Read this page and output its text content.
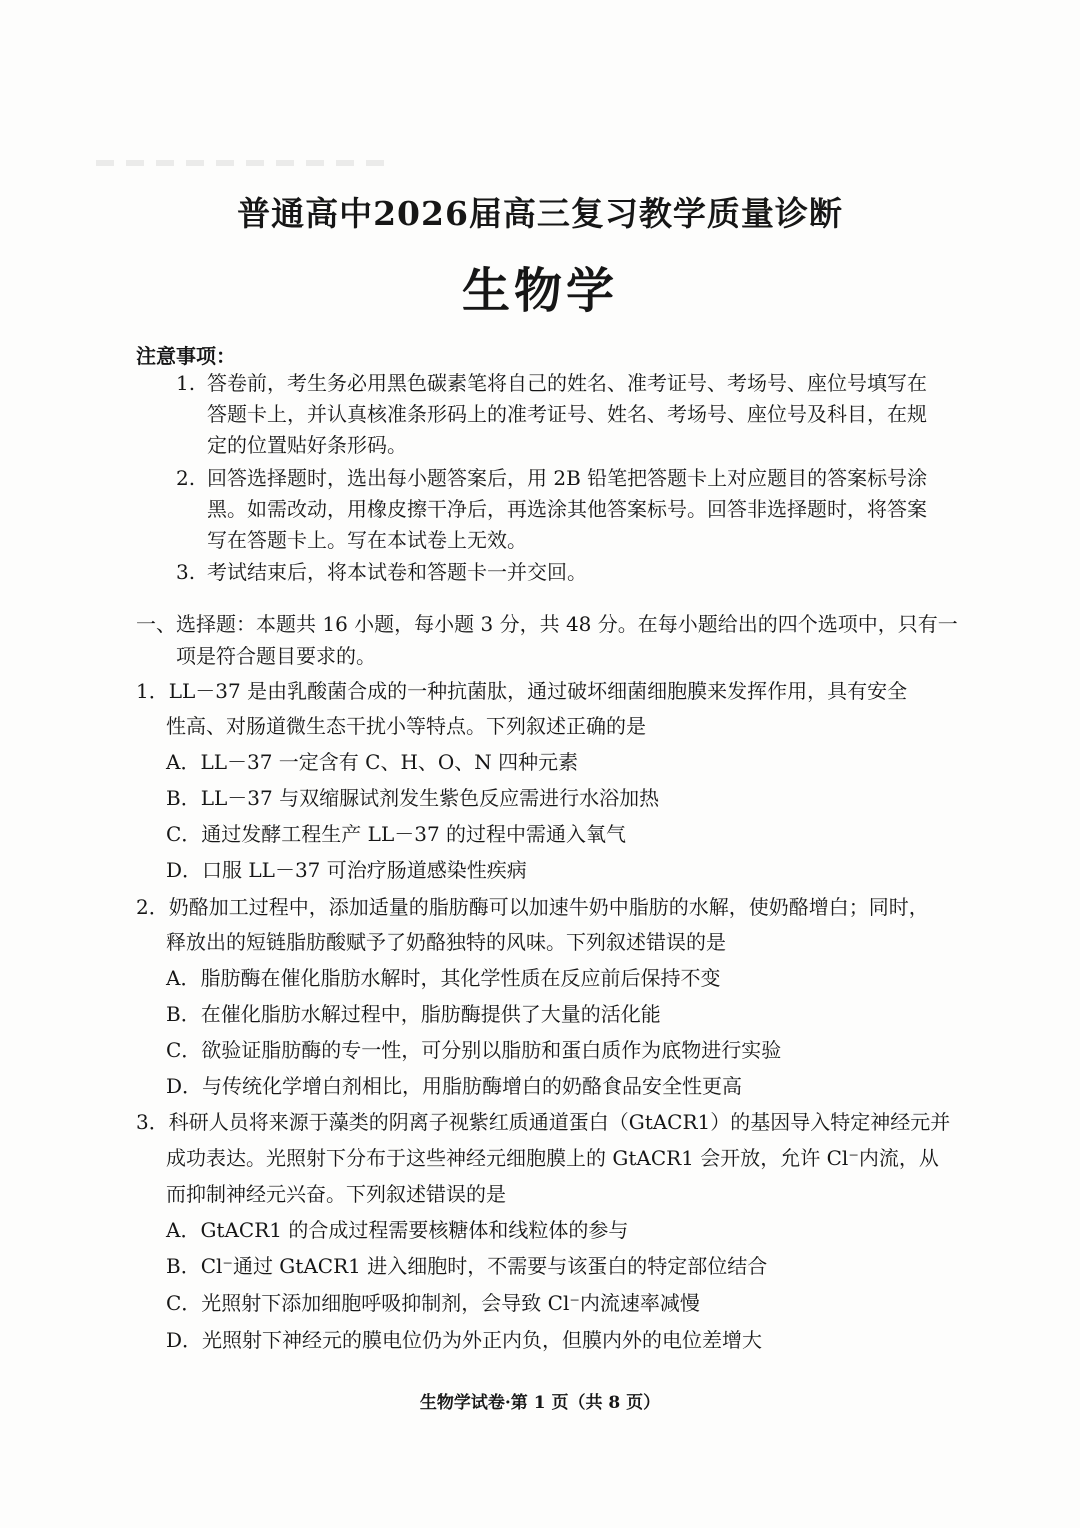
普通高中2026届高三复习教学质量诊断
生物学
注意事项：
1. 答卷前，考生务必用黑色碳素笔将自己的姓名、准考证号、考场号、座位号填写在
答题卡上，并认真核准条形码上的准考证号、姓名、考场号、座位号及科目，在规
定的位置贴好条形码。
2. 回答选择题时，选出每小题答案后，用 2B 铅笔把答题卡上对应题目的答案标号涂
黑。如需改动，用橡皮擦干净后，再选涂其他答案标号。回答非选择题时，将答案
写在答题卡上。写在本试卷上无效。
3. 考试结束后，将本试卷和答题卡一并交回。
一、选择题：本题共 16 小题，每小题 3 分，共 48 分。在每小题给出的四个选项中，只有一
项是符合题目要求的。
1．LL－37 是由乳酸菌合成的一种抗菌肽，通过破坏细菌细胞膜来发挥作用，具有安全
性高、对肠道微生态干扰小等特点。下列叙述正确的是
A．LL－37 一定含有 C、H、O、N 四种元素
B．LL－37 与双缩脲试剂发生紫色反应需进行水浴加热
C．通过发酵工程生产 LL－37 的过程中需通入氧气
D．口服 LL－37 可治疗肠道感染性疾病
2．奶酪加工过程中，添加适量的脂肪酶可以加速牛奶中脂肪的水解，使奶酪增白；同时，
释放出的短链脂肪酸赋予了奶酪独特的风味。下列叙述错误的是
A．脂肪酶在催化脂肪水解时，其化学性质在反应前后保持不变
B．在催化脂肪水解过程中，脂肪酶提供了大量的活化能
C．欲验证脂肪酶的专一性，可分别以脂肪和蛋白质作为底物进行实验
D．与传统化学增白剂相比，用脂肪酶增白的奶酪食品安全性更高
3．科研人员将来源于藻类的阴离子视紫红质通道蛋白（GtACR1）的基因导入特定神经元并
成功表达。光照射下分布于这些神经元细胞膜上的 GtACR1 会开放，允许 Cl⁻内流，从
而抑制神经元兴奋。下列叙述错误的是
A．GtACR1 的合成过程需要核糖体和线粒体的参与
B．Cl⁻通过 GtACR1 进入细胞时，不需要与该蛋白的特定部位结合
C．光照射下添加细胞呼吸抑制剂，会导致 Cl⁻内流速率减慢
D．光照射下神经元的膜电位仍为外正内负，但膜内外的电位差增大
生物学试卷·第 1 页（共 8 页）
